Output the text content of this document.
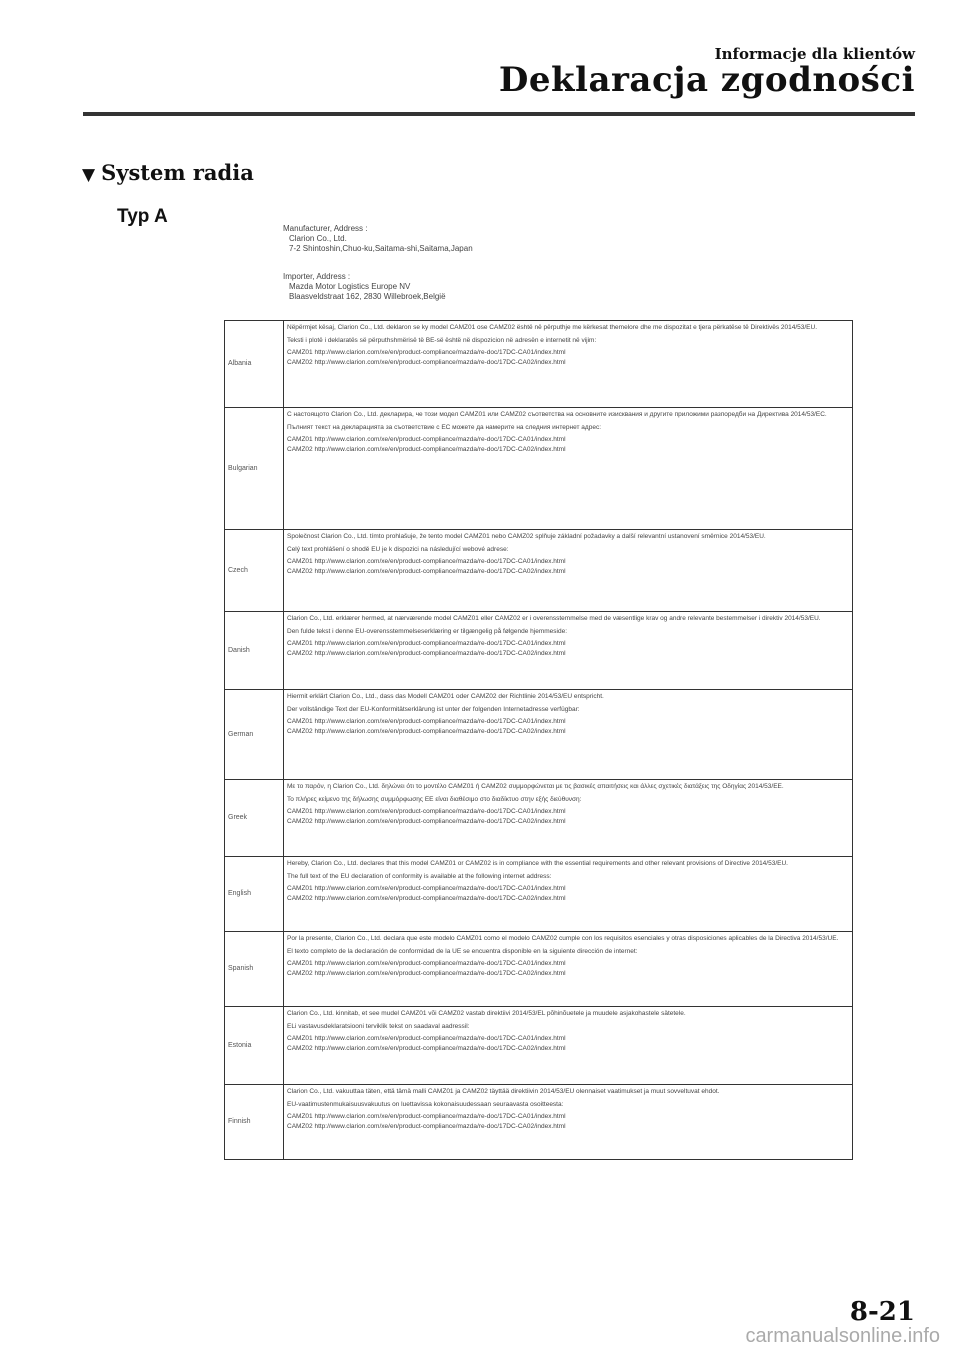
Informacje dla klientów
Deklaracja zgodności
▼ System radia
Typ A
Manufacturer, Address :
Clarion Co., Ltd.
7-2 Shintoshin,Chuo-ku,Saitama-shi,Saitama,Japan
Importer, Address :
Mazda Motor Logistics Europe NV
Blaasveldstraat 162, 2830 Willebroek,België
Albania	Nëpërmjet kësaj, Clarion Co., Ltd. deklaron se ky model CAMZ01 ose CAMZ02 është në përputhje me kërkesat themelore dhe me dispozitat e tjera përkatëse të Direktivës 2014/53/EU.
Teksti i plotë i deklaratës së përputhshmërisë të BE-së është në dispozicion në adresën e internetit në vijim:
CAMZ01 http://www.clarion.com/xe/en/product-compliance/mazda/re-doc/17DC-CA01/index.html
CAMZ02 http://www.clarion.com/xe/en/product-compliance/mazda/re-doc/17DC-CA02/index.html

Bulgarian	С настоящото Clarion Co., Ltd. декларира, че този модел CAMZ01 или CAMZ02 съответства на основните изисквания и другите приложими разпоредби на Директива 2014/53/ЕС.
Пълният текст на декларацията за съответствие с ЕС можете да намерите на следния интернет адрес:
CAMZ01 http://www.clarion.com/xe/en/product-compliance/mazda/re-doc/17DC-CA01/index.html
CAMZ02 http://www.clarion.com/xe/en/product-compliance/mazda/re-doc/17DC-CA02/index.html

Czech	Společnost Clarion Co., Ltd. tímto prohlašuje, že tento model CAMZ01 nebo CAMZ02 splňuje základní požadavky a další relevantní ustanovení směrnice 2014/53/EU.
Celý text prohlášení o shodě EU je k dispozici na následující webové adrese:
CAMZ01 http://www.clarion.com/xe/en/product-compliance/mazda/re-doc/17DC-CA01/index.html
CAMZ02 http://www.clarion.com/xe/en/product-compliance/mazda/re-doc/17DC-CA02/index.html

Danish	Clarion Co., Ltd. erklærer hermed, at nærværende model CAMZ01 eller CAMZ02 er i overensstemmelse med de væsentlige krav og andre relevante bestemmelser i direktiv 2014/53/EU.
Den fulde tekst i denne EU-overensstemmelseserklæring er tilgængelig på følgende hjemmeside:
CAMZ01 http://www.clarion.com/xe/en/product-compliance/mazda/re-doc/17DC-CA01/index.html
CAMZ02 http://www.clarion.com/xe/en/product-compliance/mazda/re-doc/17DC-CA02/index.html

German	Hiermit erklärt Clarion Co., Ltd., dass das Modell CAMZ01 oder CAMZ02 der Richtlinie 2014/53/EU entspricht.
Der vollständige Text der EU-Konformitätserklärung ist unter der folgenden Internetadresse verfügbar:
CAMZ01 http://www.clarion.com/xe/en/product-compliance/mazda/re-doc/17DC-CA01/index.html
CAMZ02 http://www.clarion.com/xe/en/product-compliance/mazda/re-doc/17DC-CA02/index.html

Greek	Με το παρόν, η Clarion Co., Ltd. δηλώνει ότι το μοντέλο CAMZ01 ή CAMZ02 συμμορφώνεται με τις βασικές απαιτήσεις και άλλες σχετικές διατάξεις της Οδηγίας 2014/53/ΕΕ.
Το πλήρες κείμενο της δήλωσης συμμόρφωσης ΕΕ είναι διαθέσιμο στο διαδίκτυο στην εξής διεύθυνση:
CAMZ01 http://www.clarion.com/xe/en/product-compliance/mazda/re-doc/17DC-CA01/index.html
CAMZ02 http://www.clarion.com/xe/en/product-compliance/mazda/re-doc/17DC-CA02/index.html

English	Hereby, Clarion Co., Ltd. declares that this model CAMZ01 or CAMZ02 is in compliance with the essential requirements and other relevant provisions of Directive 2014/53/EU.
The full text of the EU declaration of conformity is available at the following internet address:
CAMZ01 http://www.clarion.com/xe/en/product-compliance/mazda/re-doc/17DC-CA01/index.html
CAMZ02 http://www.clarion.com/xe/en/product-compliance/mazda/re-doc/17DC-CA02/index.html

Spanish	Por la presente, Clarion Co., Ltd. declara que este modelo CAMZ01 como el modelo CAMZ02 cumple con los requisitos esenciales y otras disposiciones aplicables de la Directiva 2014/53/UE.
El texto completo de la declaración de conformidad de la UE se encuentra disponible en la siguiente dirección de internet:
CAMZ01 http://www.clarion.com/xe/en/product-compliance/mazda/re-doc/17DC-CA01/index.html
CAMZ02 http://www.clarion.com/xe/en/product-compliance/mazda/re-doc/17DC-CA02/index.html

Estonia	Clarion Co., Ltd. kinnitab, et see mudel CAMZ01 või CAMZ02 vastab direktiivi 2014/53/EL põhinõuetele ja muudele asjakohastele sätetele.
ELi vastavusdeklaratsiooni terviklik tekst on saadaval aadressil:
CAMZ01 http://www.clarion.com/xe/en/product-compliance/mazda/re-doc/17DC-CA01/index.html
CAMZ02 http://www.clarion.com/xe/en/product-compliance/mazda/re-doc/17DC-CA02/index.html

Finnish	Clarion Co., Ltd. vakuuttaa täten, että tämä malli CAMZ01 ja CAMZ02 täyttää direktiivin 2014/53/EU olennaiset vaatimukset ja muut sovveltuvat ehdot.
EU-vaatimustenmukaisuusvakuutus on luettavissa kokonaisuudessaan seuraavasta osoitteesta:
CAMZ01 http://www.clarion.com/xe/en/product-compliance/mazda/re-doc/17DC-CA01/index.html
CAMZ02 http://www.clarion.com/xe/en/product-compliance/mazda/re-doc/17DC-CA02/index.html
8-21
carmanualsonline.info
